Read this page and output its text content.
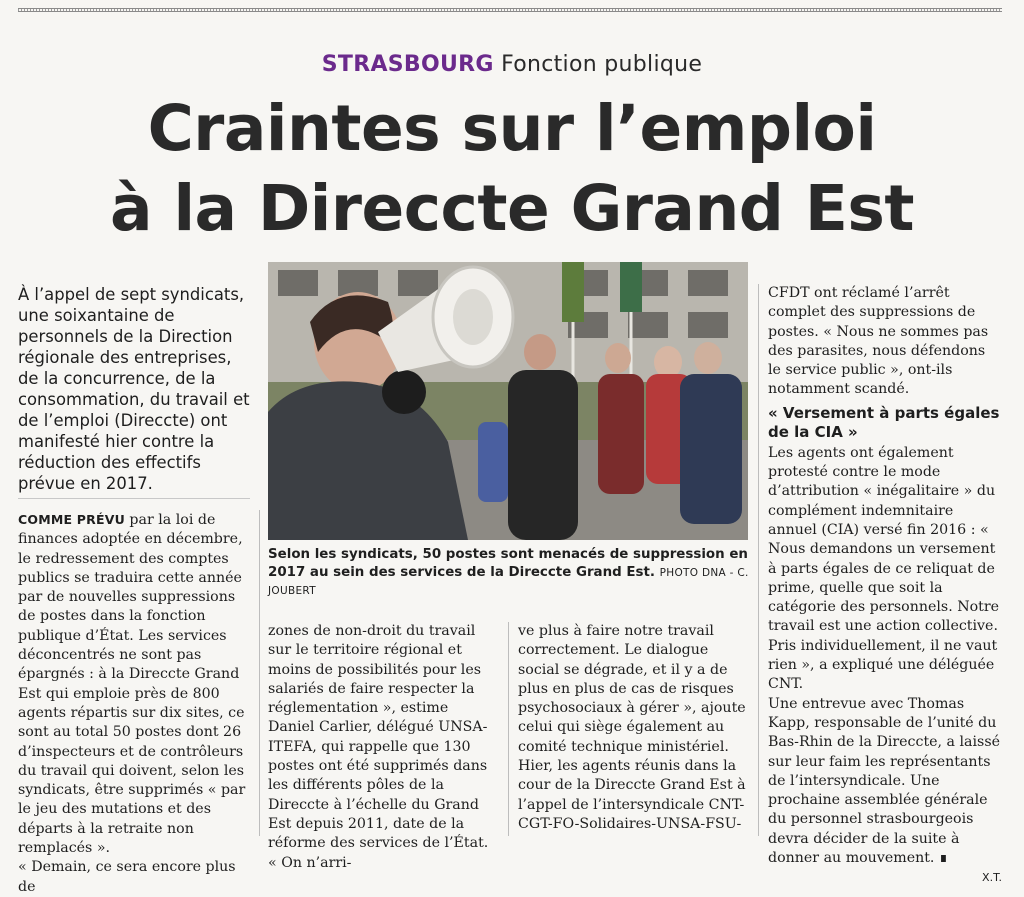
STRASBOURG Fonction publique
Craintes sur l’emploi
à la Direccte Grand Est
À l’appel de sept syndicats, une soixantaine de personnels de la Direction régionale des entreprises, de la concurrence, de la consommation, du travail et de l’emploi (Direccte) ont manifesté hier contre la réduction des effectifs prévue en 2017.

COMME PRÉVU par la loi de finances adoptée en décembre, le redressement des comptes publics se traduira cette année par de nouvelles suppressions de postes dans la fonction publique d’État. Les services déconcentrés ne sont pas épargnés : à la Direccte Grand Est qui emploie près de 800 agents répartis sur dix sites, ce sont au total 50 postes dont 26 d’inspecteurs et de contrôleurs du travail qui doivent, selon les syndicats, être supprimés « par le jeu des mutations et des départs à la retraite non remplacés ».

« Demain, ce sera encore plus de

Selon les syndicats, 50 postes sont menacés de suppression en 2017 au sein des services de la Direccte Grand Est. PHOTO DNA - C. JOUBERT
zones de non-droit du travail sur le territoire régional et moins de possibilités pour les salariés de faire respecter la réglementation », estime Daniel Carlier, délégué UNSA-ITEFA, qui rappelle que 130 postes ont été supprimés dans les différents pôles de la Direccte à l’échelle du Grand Est depuis 2011, date de la réforme des services de l’État. « On n’arri-

ve plus à faire notre travail correctement. Le dialogue social se dégrade, et il y a de plus en plus de cas de risques psychosociaux à gérer », ajoute celui qui siège également au comité technique ministériel.

Hier, les agents réunis dans la cour de la Direccte Grand Est à l’appel de l’intersyndicale CNT-CGT-FO-Solidaires-UNSA-FSU-

CFDT ont réclamé l’arrêt complet des suppressions de postes. « Nous ne sommes pas des parasites, nous défendons le service public », ont-ils notamment scandé.

« Versement à parts égales de la CIA »

Les agents ont également protesté contre le mode d’attribution « inégalitaire » du complément indemnitaire annuel (CIA) versé fin 2016 : « Nous demandons un versement à parts égales de ce reliquat de prime, quelle que soit la catégorie des personnels. Notre travail est une action collective. Pris individuellement, il ne vaut rien », a expliqué une déléguée CNT.

Une entrevue avec Thomas Kapp, responsable de l’unité du Bas-Rhin de la Direccte, a laissé sur leur faim les représentants de l’intersyndicale. Une prochaine assemblée générale du personnel strasbourgeois devra décider de la suite à donner au mouvement. ∎

X.T.
